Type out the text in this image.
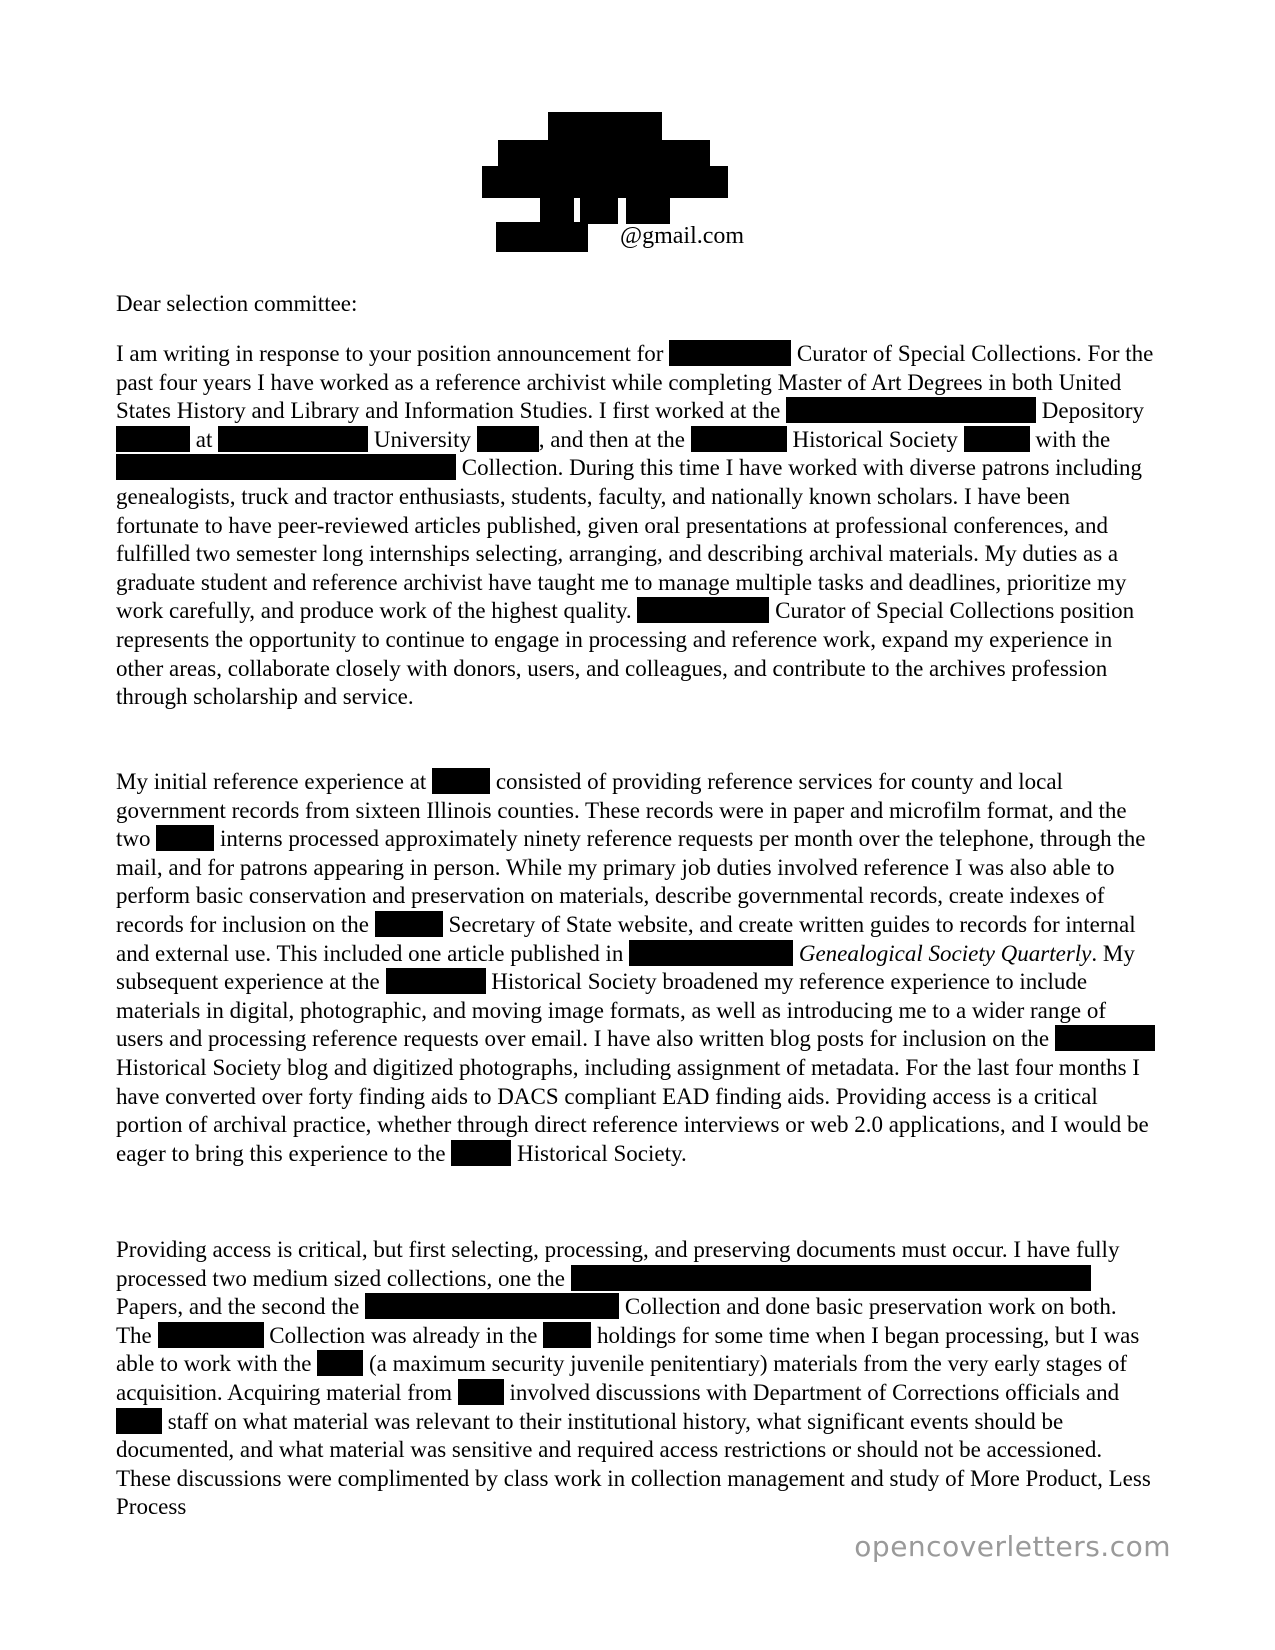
@gmail.com
Dear selection committee:
I am writing in response to your position announcement for	Curator of Special Collections. For the past four years I have worked as a reference archivist while completing Master of Art Degrees in both United States History and Library and Information Studies. I first worked at the	Depository  at	University	, and then at the	Historical Society	with the  Collection. During this time I have worked with diverse patrons including genealogists, truck and tractor enthusiasts, students, faculty, and nationally known scholars. I have been fortunate to have peer-reviewed articles published, given oral presentations at professional conferences, and fulfilled two semester long internships selecting, arranging, and describing archival materials. My duties as a graduate student and reference archivist have taught me to manage multiple tasks and deadlines, prioritize my work carefully, and produce work of the highest quality.	Curator of Special Collections position represents the opportunity to continue to engage in processing and reference work, expand my experience in other areas, collaborate closely with donors, users, and colleagues, and contribute to the archives profession through scholarship and service.
My initial reference experience at	consisted of providing reference services for county and local government records from sixteen Illinois counties. These records were in paper and microfilm format, and the two	interns processed approximately ninety reference requests per month over the telephone, through the mail, and for patrons appearing in person. While my primary job duties involved reference I was also able to perform basic conservation and preservation on materials, describe governmental records, create indexes of records for inclusion on the	Secretary of State website, and create written guides to records for internal and external use. This included one article published in	Genealogical Society Quarterly. My subsequent experience at the	Historical Society broadened my reference experience to include materials in digital, photographic, and moving image formats, as well as introducing me to a wider range of users and processing reference requests over email. I have also written blog posts for inclusion on the  Historical Society blog and digitized photographs, including assignment of metadata. For the last four months I have converted over forty finding aids to DACS compliant EAD finding aids. Providing access is a critical portion of archival practice, whether through direct reference interviews or web 2.0 applications, and I would be eager to bring this experience to the	Historical Society.
Providing access is critical, but first selecting, processing, and preserving documents must occur. I have fully processed two medium sized collections, one the  Papers, and the second the	Collection and done basic preservation work on both. The	Collection was already in the  holdings for some time when I began processing, but I was able to work with the  (a maximum security juvenile penitentiary) materials from the very early stages of acquisition. Acquiring material from  involved discussions with Department of Corrections officials and  staff on what material was relevant to their institutional history, what significant events should be documented, and what material was sensitive and required access restrictions or should not be accessioned. These discussions were complimented by class work in collection management and study of More Product, Less Process
opencoverletters.com
